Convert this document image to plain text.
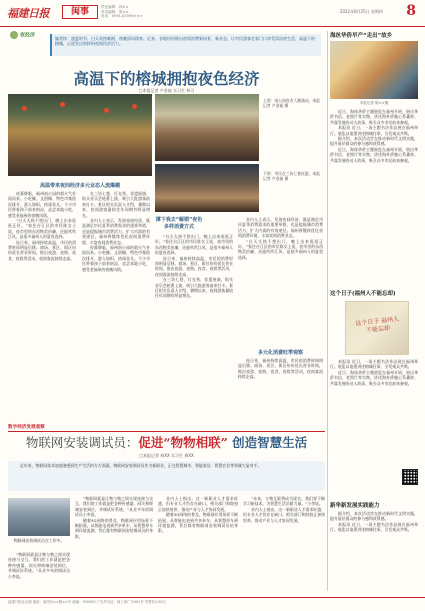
福建日报	闽事	责任编辑：林××
美术编辑：陈××
电话：0591-87095×××
2022年8月25日 星期四 8
夜经济	编者按：盛夏时节，白天炎热难耐，夜晚清风徐来。近来，各地纷纷推出夜间消费新场景、新业态，让市民游客在家门口享受清凉夜生活，高温下的榕城，正迸发出别样的夜间经济活力。
高温下的榕城拥抱夜色经济
□本报记者 卢金福 实习生 林可
上图：南公园夜市人潮涌动。本报记者 卢金福 摄
下图：市民在三坊七巷夜游。本报记者 卢金福 摄
高温带来夜间经济多元业态人流爆棚

夜幕降临，福州南公园的烟火气扑面而来。小吃摊、文创摊、特色市集依次排开，游人如织，热闹非凡。不少市民带着孩子前来纳凉，品尝本地小吃，感受老福州的夜晚风情。

“白天太热不想出门，晚上出来逛逛正好。”家住台江区的市民陈女士说，夜市里的东西物美价廉，还能吹吹江风，是很多福州人的夏夜选择。

连日来，福州持续高温，市民的消费时间明显后移。商场、景区、街区纷纷延长营业时间，推出夜游、夜购、夜食、夜娱等活动，夜间客流持续走高。

在三坊七巷，灯光秀、非遗展演、街头音乐会轮番上演，吸引大批游客前来打卡。景区相关负责人介绍，暑期以来，夜间游客量较往年同期有明显增长。

业内人士表示，发展夜间经济，既是满足市民夏季消费需求的重要举措，也是提振城市消费活力、扩大内需的有效途径。福州将继续优化夜间消费环境，丰富夜间消费业态。

夜幕降临，福州南公园的烟火气扑面而来。小吃摊、文创摊、特色市集依次排开，游人如织，热闹非凡。不少市民带着孩子前来纳凉，品尝本地小吃，感受老福州的夜晚风情。

撑下我去“解锁”夜色多样消费方式

“白天太热不想出门，晚上出来逛逛正好。”家住台江区的市民陈女士说，夜市里的东西物美价廉，还能吹吹江风，是很多福州人的夏夜选择。

连日来，福州持续高温，市民的消费时间明显后移。商场、景区、街区纷纷延长营业时间，推出夜游、夜购、夜食、夜娱等活动，夜间客流持续走高。

在三坊七巷，灯光秀、非遗展演、街头音乐会轮番上演，吸引大批游客前来打卡。景区相关负责人介绍，暑期以来，夜间游客量较往年同期有明显增长。

业内人士表示，发展夜间经济，既是满足市民夏季消费需求的重要举措，也是提振城市消费活力、扩大内需的有效途径。福州将继续优化夜间消费环境，丰富夜间消费业态。

“白天太热不想出门，晚上出来逛逛正好。”家住台江区的市民陈女士说，夜市里的东西物美价廉，还能吹吹江风，是很多福州人的夏夜选择。

多元化消费旺季观察

连日来，福州持续高温，市民的消费时间明显后移。商场、景区、街区纷纷延长营业时间，推出夜游、夜购、夜食、夜娱等活动，夜间客流持续走高。

海丝华侨早产“走出”故乡
本报记者 陈××摄

近日，海丝华侨主题展览在福州开展，展出华侨书信、老照片等实物，讲述海外侨胞心系桑梓、共谋发展的动人故事，吸引众多市民前来参观。

本报讯 近日，一场主题书法作品展在福州举行。展览以笔墨讲述榕城往事，引发观众共鸣。

据介绍，本次活动旨在推动新时代文明实践，提升基层群众的参与感和获得感。

近日，海丝华侨主题展览在福州开展，展出华侨书信、老照片等实物，讲述海外侨胞心系桑梓、共谋发展的动人故事，吸引众多市民前来参观。

这个日子(福州人不能忘却)
这个日子 福州人不能忘却

本报讯 近日，一场主题书法作品展在福州举行。展览以笔墨讲述榕城往事，引发观众共鸣。

近日，海丝华侨主题展览在福州开展，展出华侨书信、老照片等实物，讲述海外侨胞心系桑梓、共谋发展的动人故事，吸引众多市民前来参观。

新华新发展实践能力

据介绍，本次活动旨在推动新时代文明实践，提升基层群众的参与感和获得感。

本报讯 近日，一场主题书法作品展在福州举行。展览以笔墨讲述榕城往事，引发观众共鸣。

数字经济发展观察
物联网安装调试员：促进“物物相联” 创造智慧生活
□本报记者 林XX 实习生 黄XX

近年来，物联网技术加速渗透到生产生活的方方面面。物联网安装调试员作为新职业，正在智慧城市、智能家居、智慧农业等领域大显身手。

物联网安装调试员在工作中。

“物联网就是让物与物之间实现连接与交互，我们的工作就是把各种传感器、网关和终端安装到位，并调试好系统。”从业多年的调试员小李说。

“物联网就是让物与物之间实现连接与交互，我们的工作就是把各种传感器、网关和终端安装到位，并调试好系统。”从业多年的调试员小李说。

随着5G网络的普及，物联网应用场景不断拓展。从智能电表到共享单车，从智慧停车到环境监测，背后都有物联网安装调试员的身影。

业内人士指出，这一新职业人才需求旺盛，但专业人才仍存在缺口。相关部门和院校正加快培养，推动产业与人才协同发展。

随着5G网络的普及，物联网应用场景不断拓展。从智能电表到共享单车，从智慧停车到环境监测，背后都有物联网安装调试员的身影。

“未来，万物互联将成为现实，我们要不断学习新技术，为智慧生活贡献力量。”小李说。

业内人士指出，这一新职业人才需求旺盛，但专业人才仍存在缺口。相关部门和院校正加快培养，推动产业与人才协同发展。

福建日报社出版 地址：福州市××路××号 邮编：350000 广告许可证：闽工商广字001号 零售价1.50元
